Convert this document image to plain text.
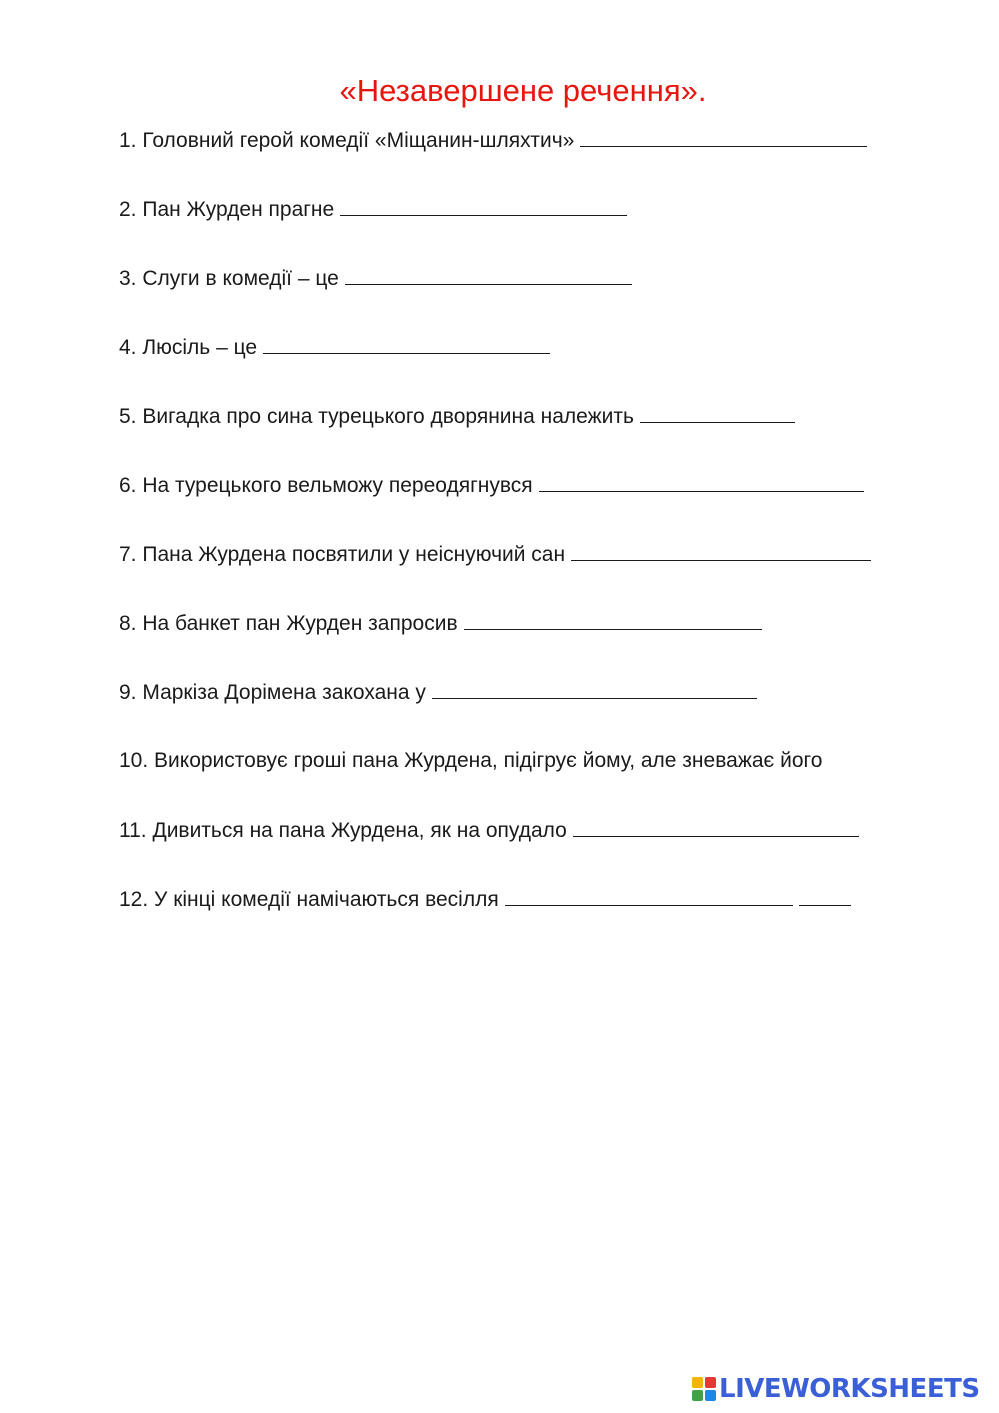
«Незавершене речення».
1. Головний герой комедії «Міщанин-шляхтич»
2. Пан Журден прагне
3. Слуги в комедії – це
4. Люсіль – це
5. Вигадка про сина турецького дворянина належить
6. На турецького вельможу переодягнувся
7. Пана Журдена посвятили у неіснуючий сан
8. На банкет пан Журден запросив
9. Маркіза Дорімена закохана у
10. Використовує гроші пана Журдена, підігрує йому, але зневажає його
11. Дивиться на пана Журдена, як на опудало
12. У кінці комедії намічаються весілля
LIVEWORKSHEETS
